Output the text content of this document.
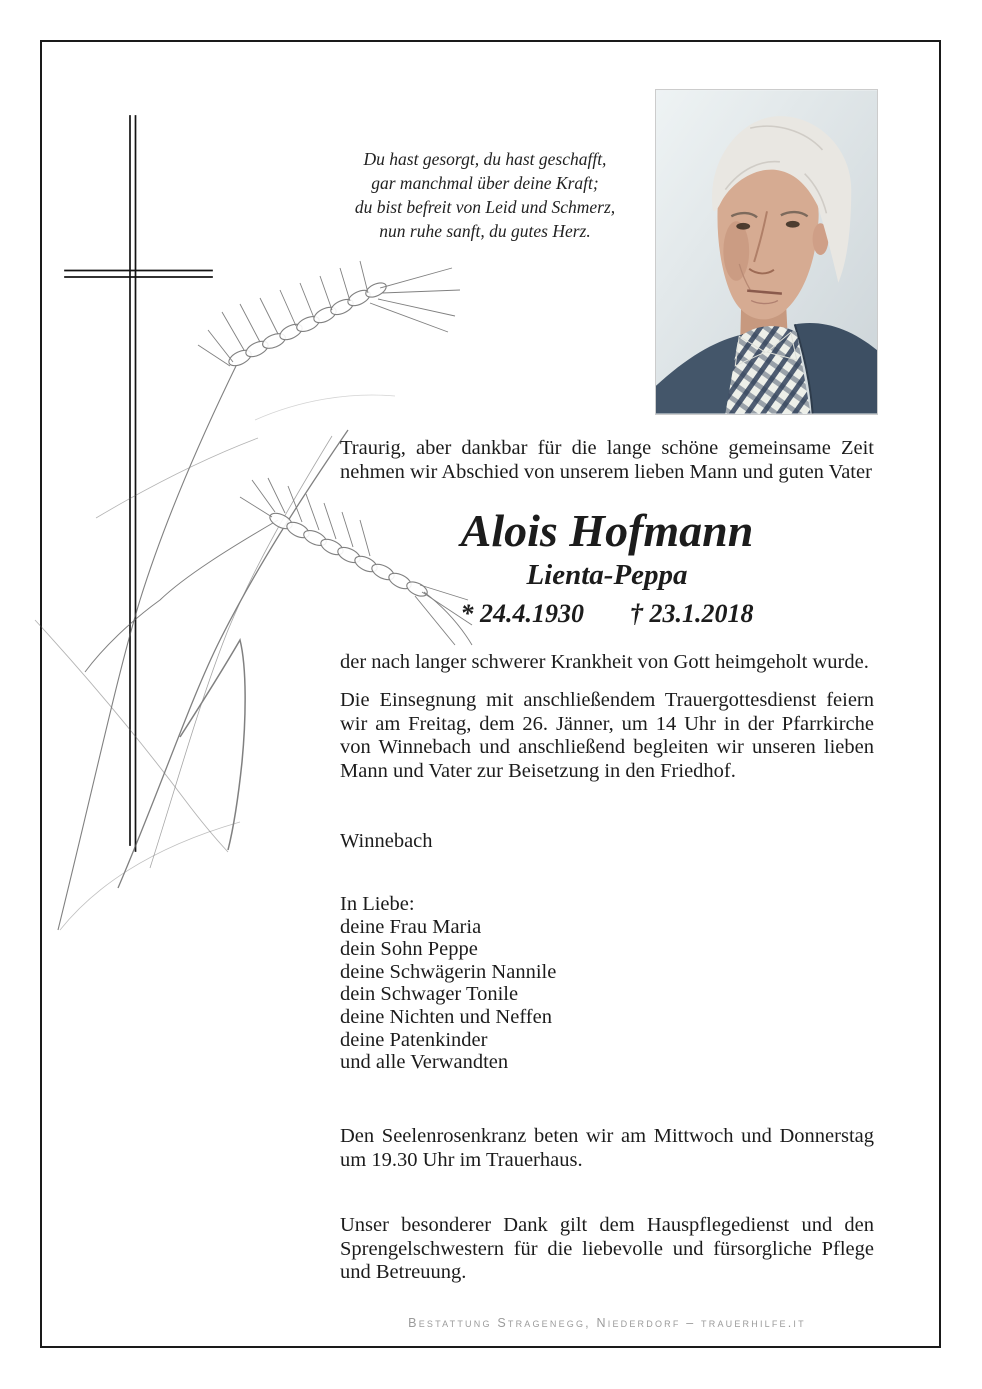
Du hast gesorgt, du hast geschafft,
gar manchmal über deine Kraft;
du bist befreit von Leid und Schmerz,
nun ruhe sanft, du gutes Herz.
Traurig, aber dankbar für die lange schöne gemeinsame Zeit nehmen wir Abschied von unserem lieben Mann und guten Vater
Alois Hofmann
Lienta-Peppa
* 24.4.1930 † 23.1.2018
der nach langer schwerer Krankheit von Gott heimgeholt wurde.
Die Einsegnung mit anschließendem Trauergottesdienst feiern wir am Freitag, dem 26. Jänner, um 14 Uhr in der Pfarrkirche von Winnebach und anschließend begleiten wir unseren lieben Mann und Vater zur Beisetzung in den Friedhof.
Winnebach
In Liebe:
deine Frau Maria
dein Sohn Peppe
deine Schwägerin Nannile
dein Schwager Tonile
deine Nichten und Neffen
deine Patenkinder
und alle Verwandten
Den Seelenrosenkranz beten wir am Mittwoch und Donnerstag um 19.30 Uhr im Trauerhaus.
Unser besonderer Dank gilt dem Hauspflegedienst und den Sprengelschwestern für die liebevolle und fürsorgliche Pflege und Betreuung.
Bestattung Stragenegg, Niederdorf – trauerhilfe.it
